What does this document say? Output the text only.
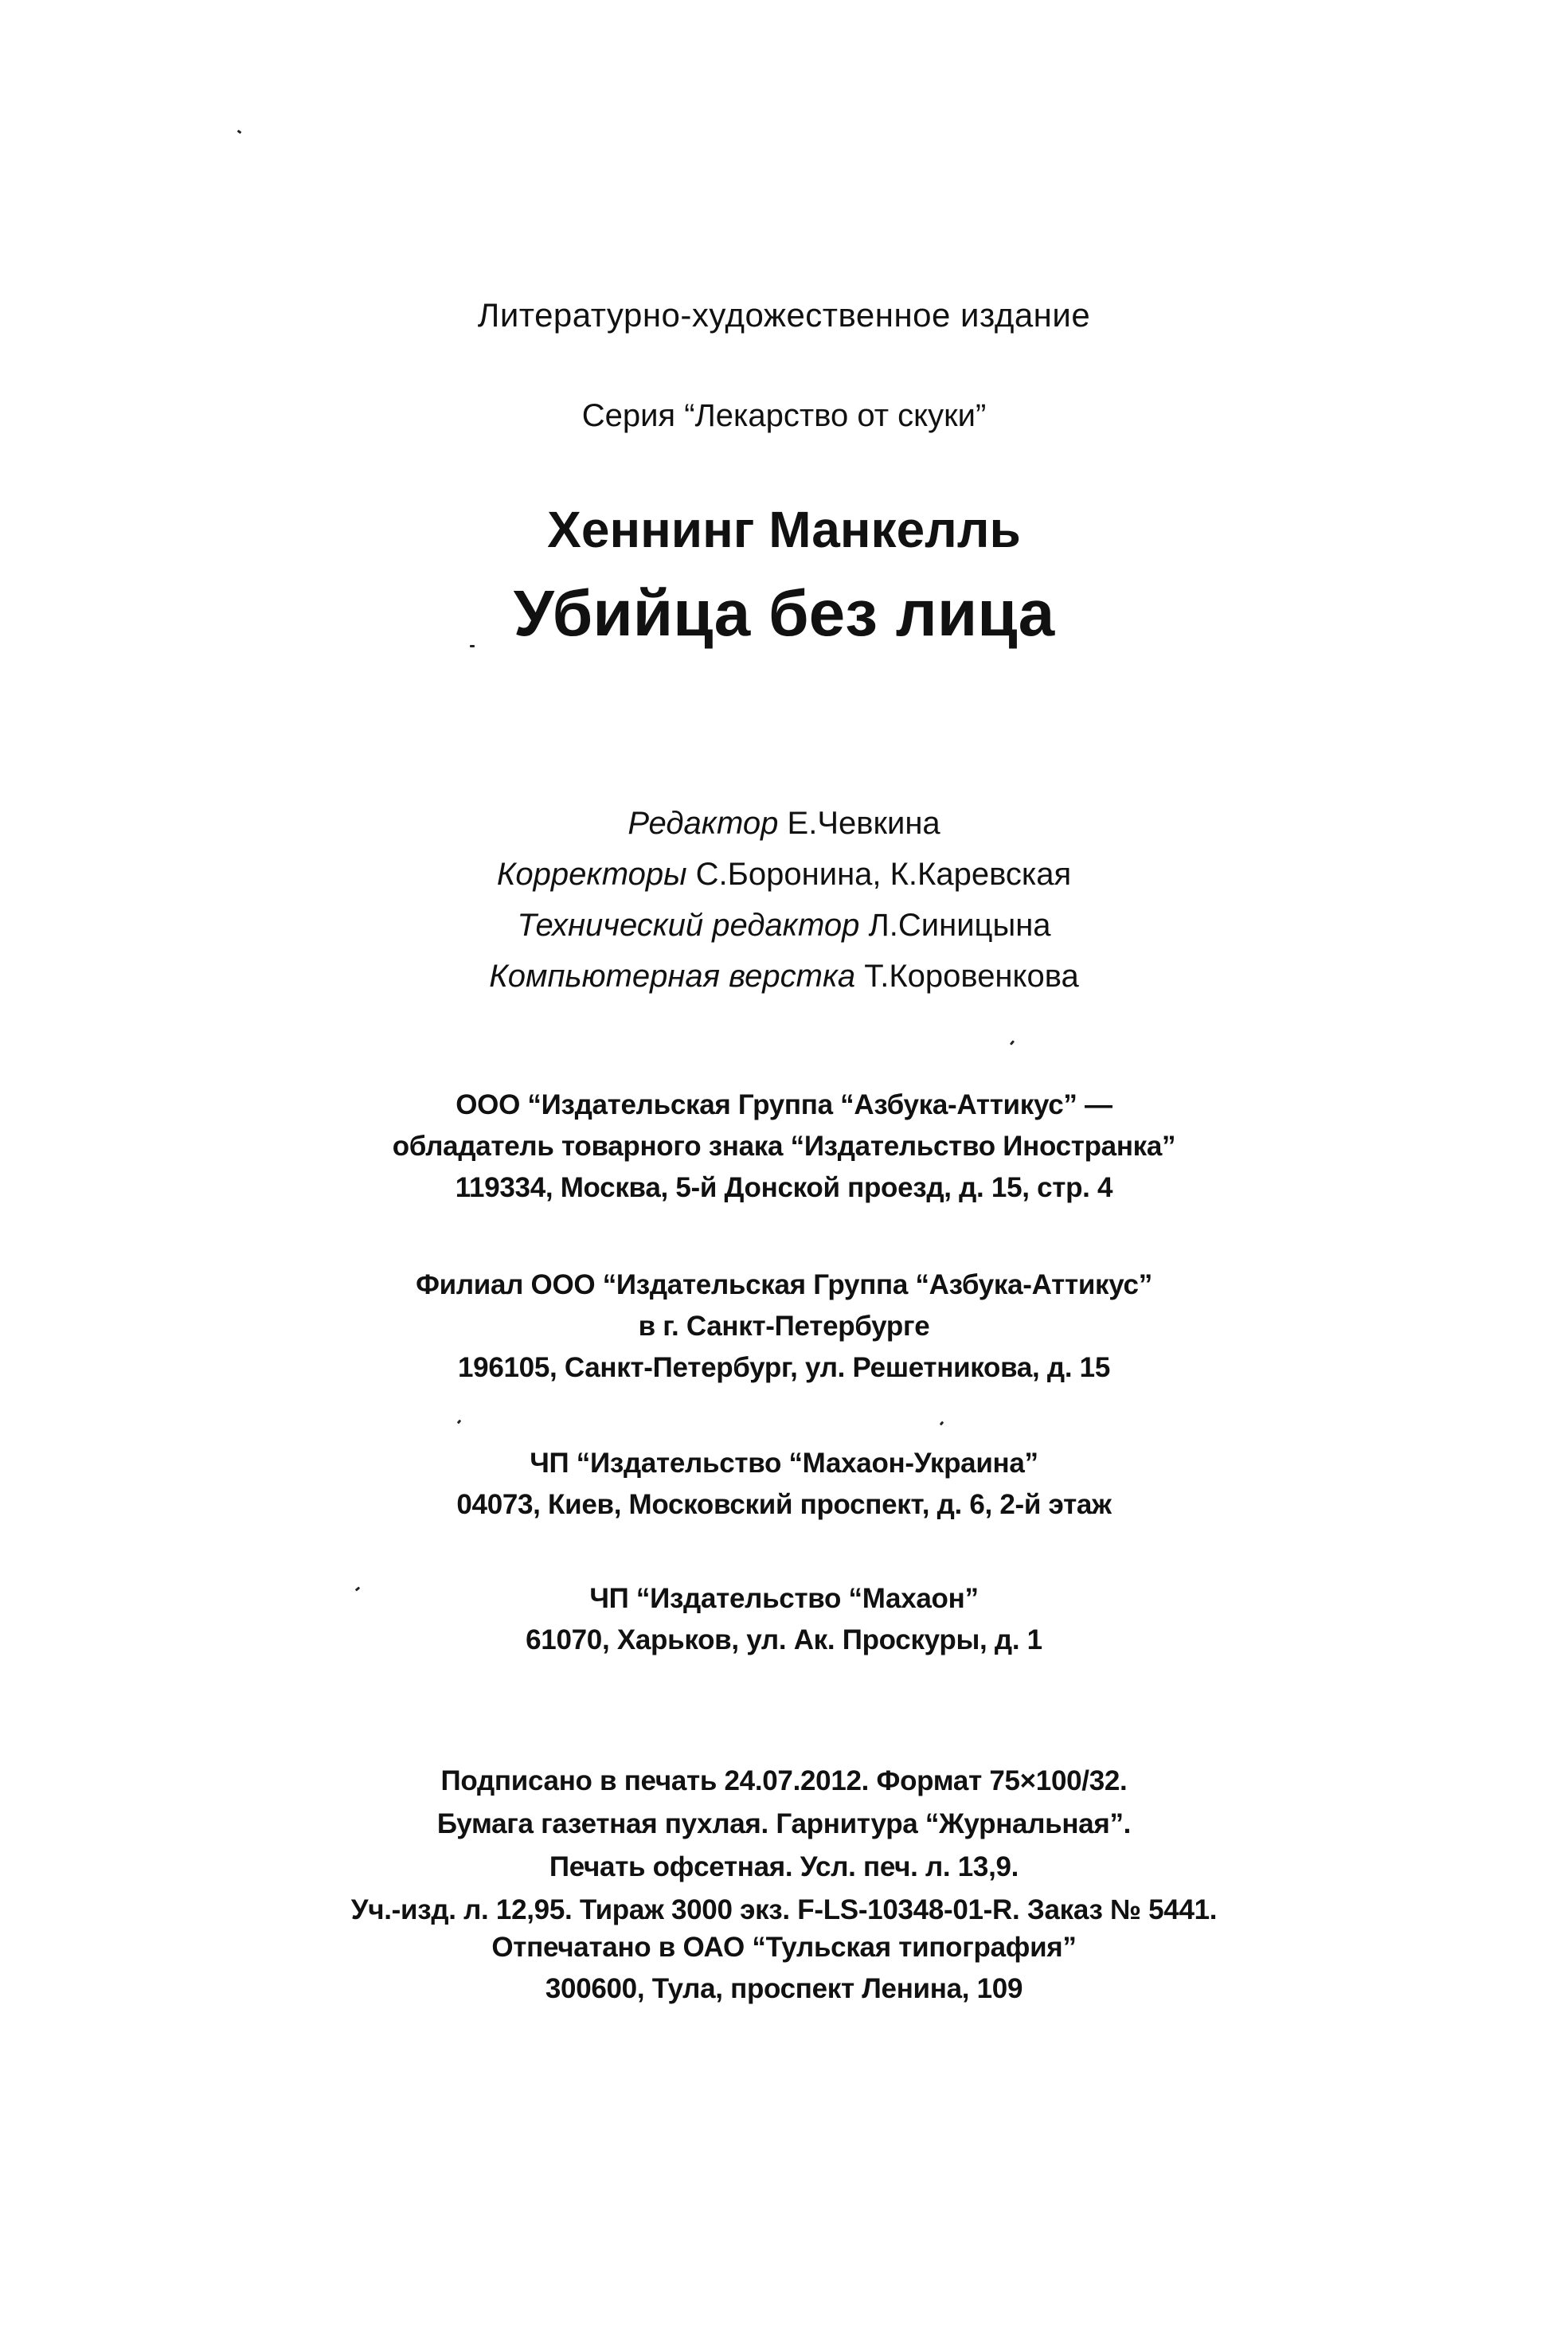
Литературно-художественное издание
Серия “Лекарство от скуки”
Хеннинг Манкелль
Убийца без лица
Редактор Е.Чевкина
Корректоры С.Боронина, К.Каревская
Технический редактор Л.Синицына
Компьютерная верстка Т.Коровенкова
ООО “Издательская Группа “Азбука-Аттикус” —
обладатель товарного знака “Издательство Иностранка”
119334, Москва, 5-й Донской проезд, д. 15, стр. 4
Филиал ООО “Издательская Группа “Азбука-Аттикус”
в г. Санкт-Петербурге
196105, Санкт-Петербург, ул. Решетникова, д. 15
ЧП “Издательство “Махаон-Украина”
04073, Киев, Московский проспект, д. 6, 2-й этаж
ЧП “Издательство “Махаон”
61070, Харьков, ул. Ак. Проскуры, д. 1
Подписано в печать 24.07.2012. Формат 75×100/32.
Бумага газетная пухлая. Гарнитура “Журнальная”.
Печать офсетная. Усл. печ. л. 13,9.
Уч.-изд. л. 12,95. Тираж 3000 экз. F-LS-10348-01-R. Заказ № 5441.
Отпечатано в ОАО “Тульская типография”
300600, Тула, проспект Ленина, 109
